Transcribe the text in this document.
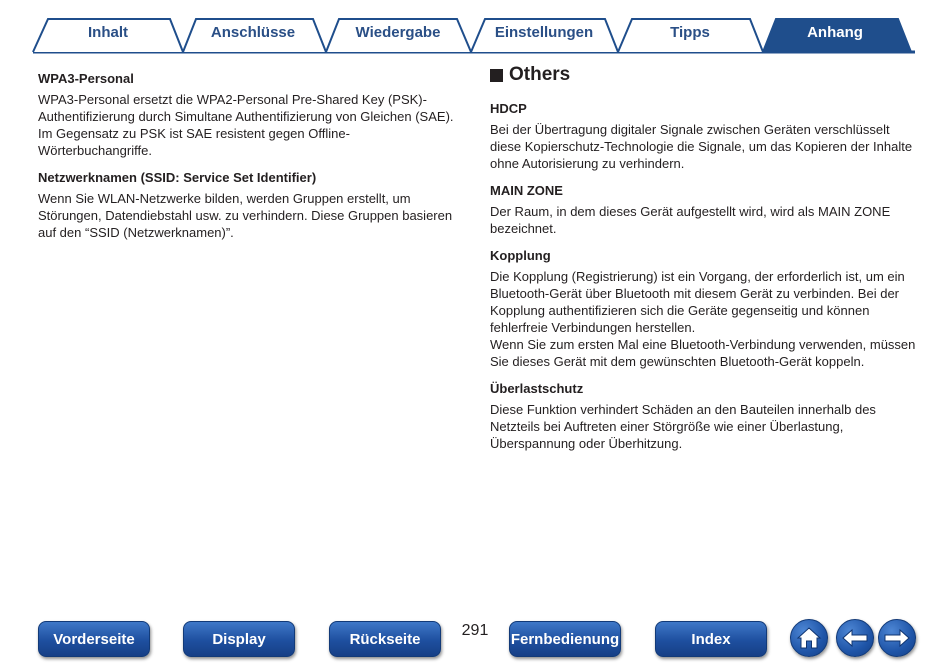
Inhalt	Anschlüsse	Wiedergabe	Einstellungen	Tipps	Anhang
WPA3-Personal

WPA3-Personal ersetzt die WPA2-Personal Pre-Shared Key (PSK)-

Authentifizierung durch Simultane Authentifizierung von Gleichen (SAE).

Im Gegensatz zu PSK ist SAE resistent gegen Offline-Wörterbuchangriffe.

Netzwerknamen (SSID: Service Set Identifier)

Wenn Sie WLAN-Netzwerke bilden, werden Gruppen erstellt, um

Störungen, Datendiebstahl usw. zu verhindern. Diese Gruppen basieren

auf den “SSID (Netzwerknamen)”.

Others
HDCP

Bei der Übertragung digitaler Signale zwischen Geräten verschlüsselt

diese Kopierschutz-Technologie die Signale, um das Kopieren der Inhalte

ohne Autorisierung zu verhindern.

MAIN ZONE

Der Raum, in dem dieses Gerät aufgestellt wird, wird als MAIN ZONE

bezeichnet.

Kopplung

Die Kopplung (Registrierung) ist ein Vorgang, der erforderlich ist, um ein

Bluetooth-Gerät über Bluetooth mit diesem Gerät zu verbinden. Bei der

Kopplung authentifizieren sich die Geräte gegenseitig und können

fehlerfreie Verbindungen herstellen.

Wenn Sie zum ersten Mal eine Bluetooth-Verbindung verwenden, müssen

Sie dieses Gerät mit dem gewünschten Bluetooth-Gerät koppeln.

Überlastschutz

Diese Funktion verhindert Schäden an den Bauteilen innerhalb des

Netzteils bei Auftreten einer Störgröße wie einer Überlastung,

Überspannung oder Überhitzung.

Vorderseite	Display	Rückseite	291	Fernbedienung	Index
